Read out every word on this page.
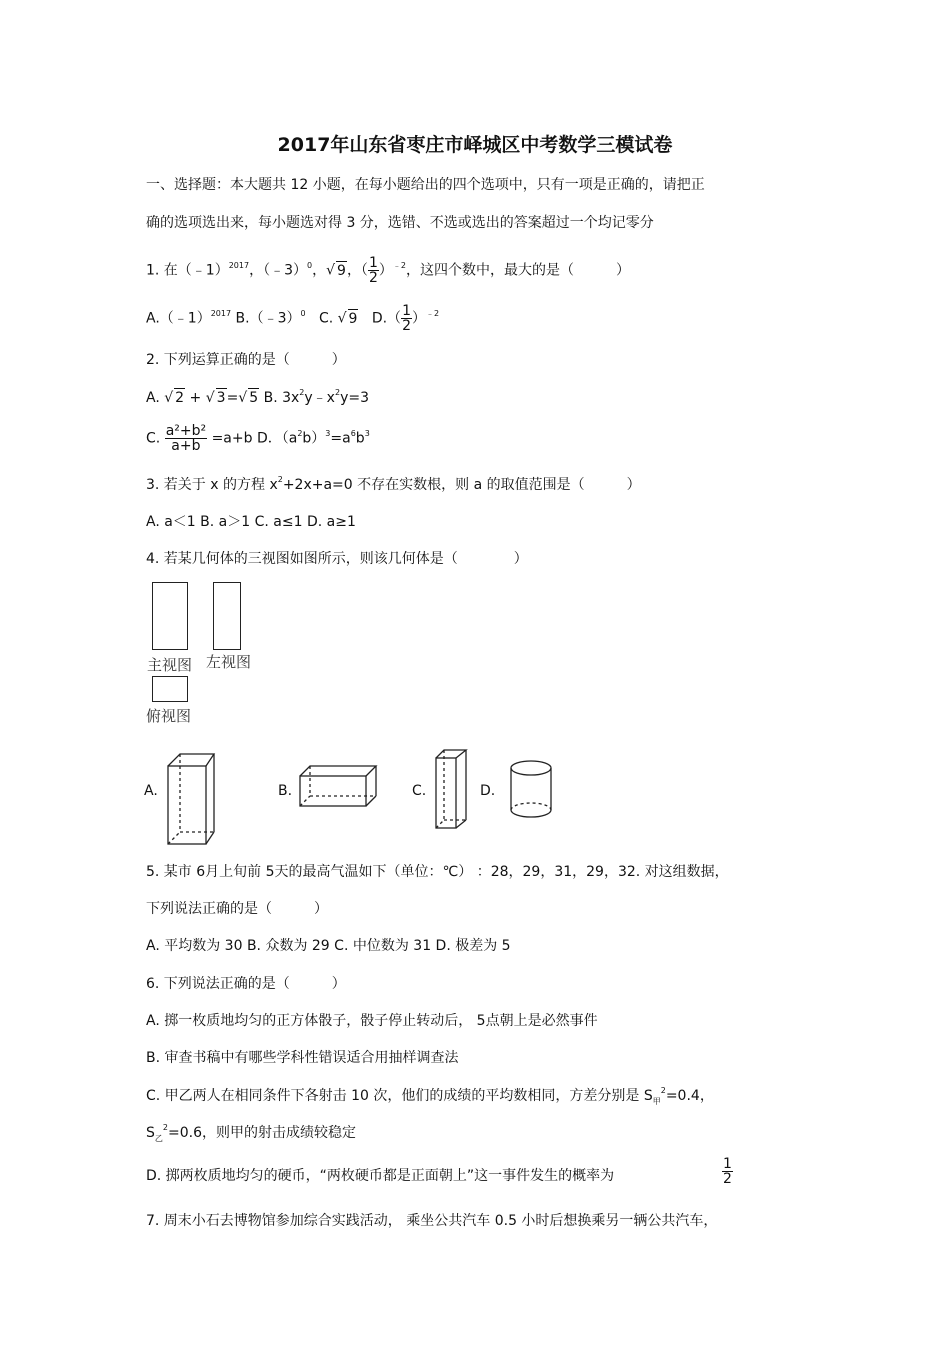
2017年山东省枣庄市峄城区中考数学三模试卷
一、选择题：本大题共 12 小题，在每小题给出的四个选项中，只有一项是正确的，请把正
确的选项选出来，每小题选对得 3 分，选错、不选或选出的答案超过一个均记零分
1. 在（﹣1）$^{2017}$，（﹣3）$^0$，√ 9，（ $\frac{1}{2} )^{﹣2}$，这四个数中，最大的是（　　　）
A.（﹣1）$^{2017}$ B.（﹣3）$^0$ C. √ 9 $D.( \frac{1}{2} )^{﹣2}$
2. 下列运算正确的是（　　　）
A. √ 2 + √ 3=√ 5 B. $3x^2y﹣x^2y=3$
C. $\frac{\text{a²+b²}}{a+b} =a+b$ D．$(a^2b)^3=a^6b^3$
3. 若关于 x 的方程 $x^2+2x+a=0$ 不存在实数根，则 a 的取值范围是（　　　）
A. a＜1 B. a＞1 C. a≤1 D. a≥1
4. 若某几何体的三视图如图所示，则该几何体是（　　　　）
主视图 左视图
俯视图
A.	B.	C.	D.
5. 某市 6月上旬前 5天的最高气温如下（单位：℃） ：28，29，31，29，32. 对这组数据，
下列说法正确的是（　　　）
A. 平均数为 30 B. 众数为 29 C. 中位数为 31 D. 极差为 5
6. 下列说法正确的是（　　　）
A. 掷一枚质地均匀的正方体骰子，骰子停止转动后， 5点朝上是必然事件
B. 审查书稿中有哪些学科性错误适合用抽样调查法
C. 甲乙两人在相同条件下各射击 10 次，他们的成绩的平均数相同，方差分别是 $S_甲^2=0.4$，
$S_乙^2=0.6$，则甲的射击成绩较稳定
D. 掷两枚质地均匀的硬币，“两枚硬币都是正面朝上”这一事件发生的概率为	$\frac{1}{2}$
7. 周末小石去博物馆参加综合实践活动， 乘坐公共汽车 0.5 小时后想换乘另一辆公共汽车，
